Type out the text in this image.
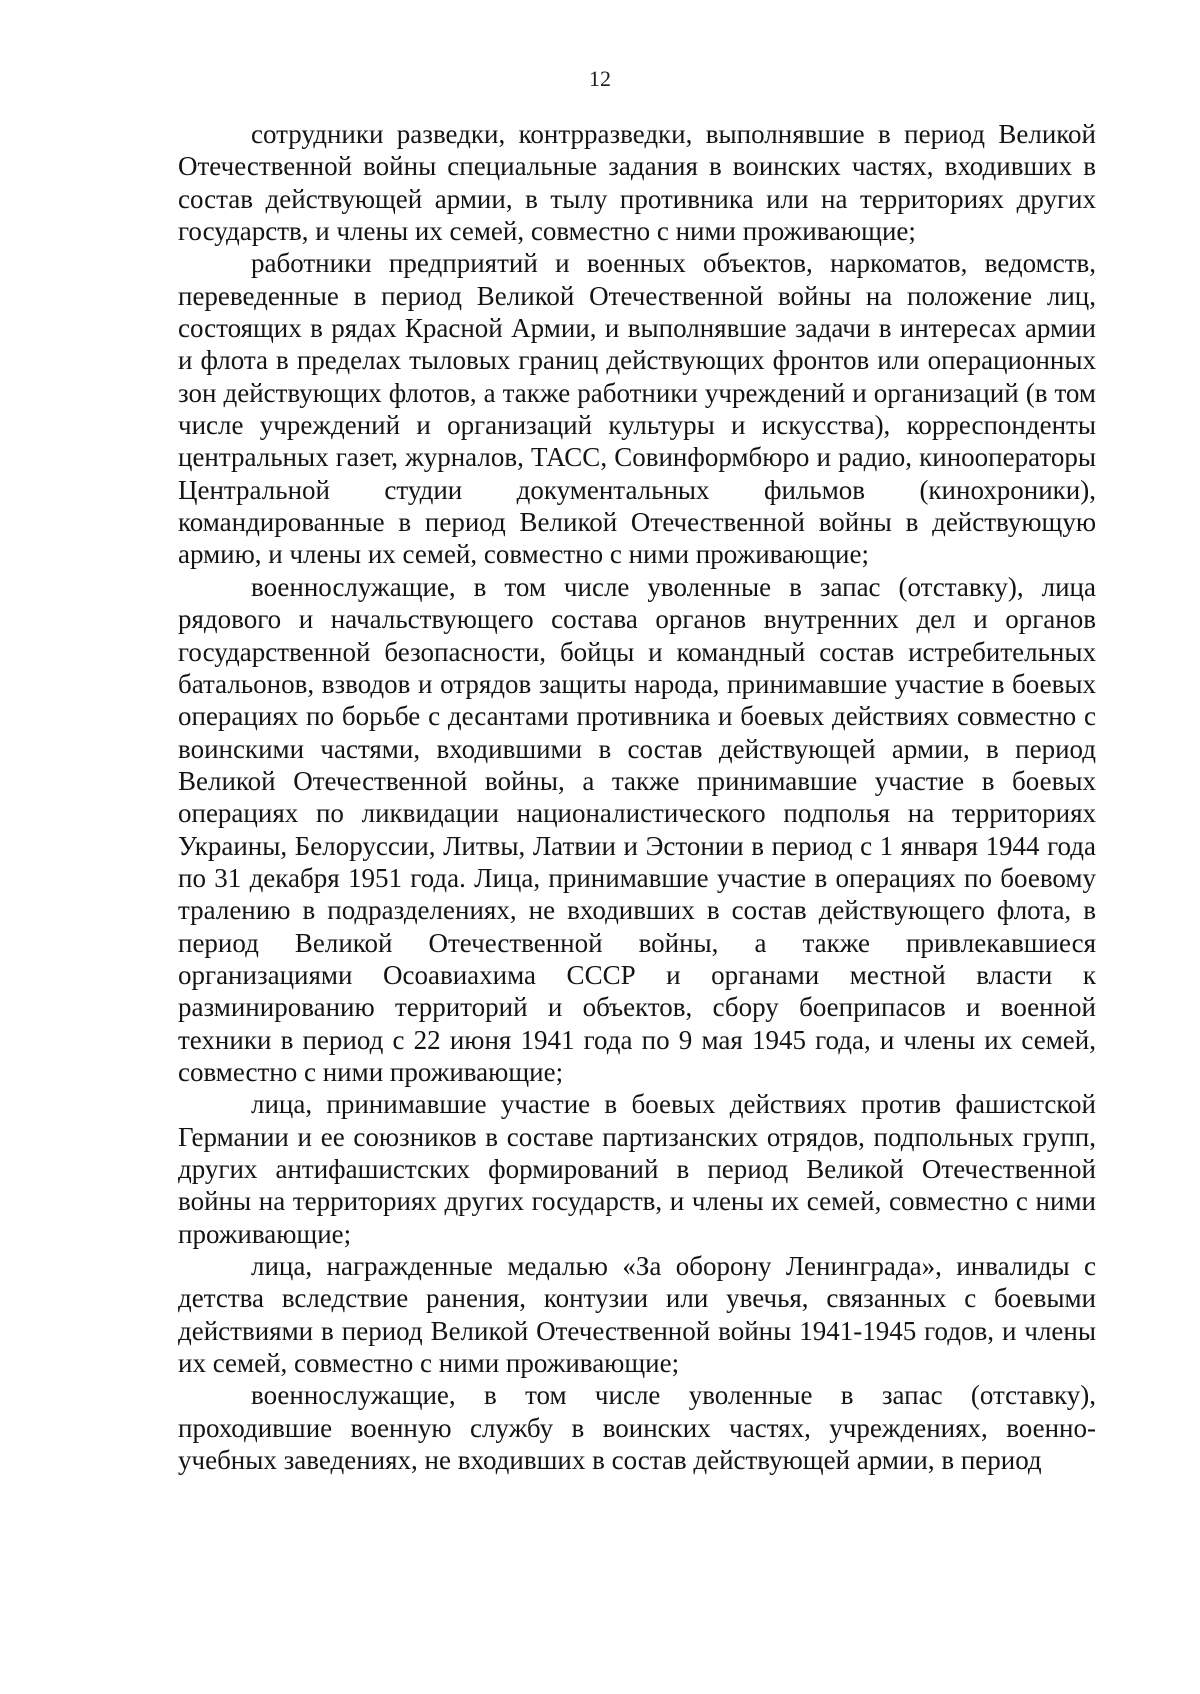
12

сотрудники разведки, контрразведки, выполнявшие в период Великой Отечественной войны специальные задания в воинских частях, входивших в состав действующей армии, в тылу противника или на территориях других государств, и члены их семей, совместно с ними проживающие;

работники предприятий и военных объектов, наркоматов, ведомств, переведенные в период Великой Отечественной войны на положение лиц, состоящих в рядах Красной Армии, и выполнявшие задачи в интересах армии и флота в пределах тыловых границ действующих фронтов или операционных зон действующих флотов, а также работники учреждений и организаций (в том числе учреждений и организаций культуры и искусства), корреспонденты центральных газет, журналов, ТАСС, Совинформбюро и радио, кинооператоры Центральной студии документальных фильмов (кинохроники), командированные в период Великой Отечественной войны в действующую армию, и члены их семей, совместно с ними проживающие;

военнослужащие, в том числе уволенные в запас (отставку), лица рядового и начальствующего состава органов внутренних дел и органов государственной безопасности, бойцы и командный состав истребительных батальонов, взводов и отрядов защиты народа, принимавшие участие в боевых операциях по борьбе с десантами противника и боевых действиях совместно с воинскими частями, входившими в состав действующей армии, в период Великой Отечественной войны, а также принимавшие участие в боевых операциях по ликвидации националистического подполья на территориях Украины, Белоруссии, Литвы, Латвии и Эстонии в период с 1 января 1944 года по 31 декабря 1951 года. Лица, принимавшие участие в операциях по боевому тралению в подразделениях, не входивших в состав действующего флота, в период Великой Отечественной войны, а также привлекавшиеся организациями Осоавиахима СССР и органами местной власти к разминированию территорий и объектов, сбору боеприпасов и военной техники в период с 22 июня 1941 года по 9 мая 1945 года, и члены их семей, совместно с ними проживающие;

лица, принимавшие участие в боевых действиях против фашистской Германии и ее союзников в составе партизанских отрядов, подпольных групп, других антифашистских формирований в период Великой Отечественной войны на территориях других государств, и члены их семей, совместно с ними проживающие;

лица, награжденные медалью «За оборону Ленинграда», инвалиды с детства вследствие ранения, контузии или увечья, связанных с боевыми действиями в период Великой Отечественной войны 1941-1945 годов, и члены их семей, совместно с ними проживающие;

военнослужащие, в том числе уволенные в запас (отставку), проходившие военную службу в воинских частях, учреждениях, военно-учебных заведениях, не входивших в состав действующей армии, в период
